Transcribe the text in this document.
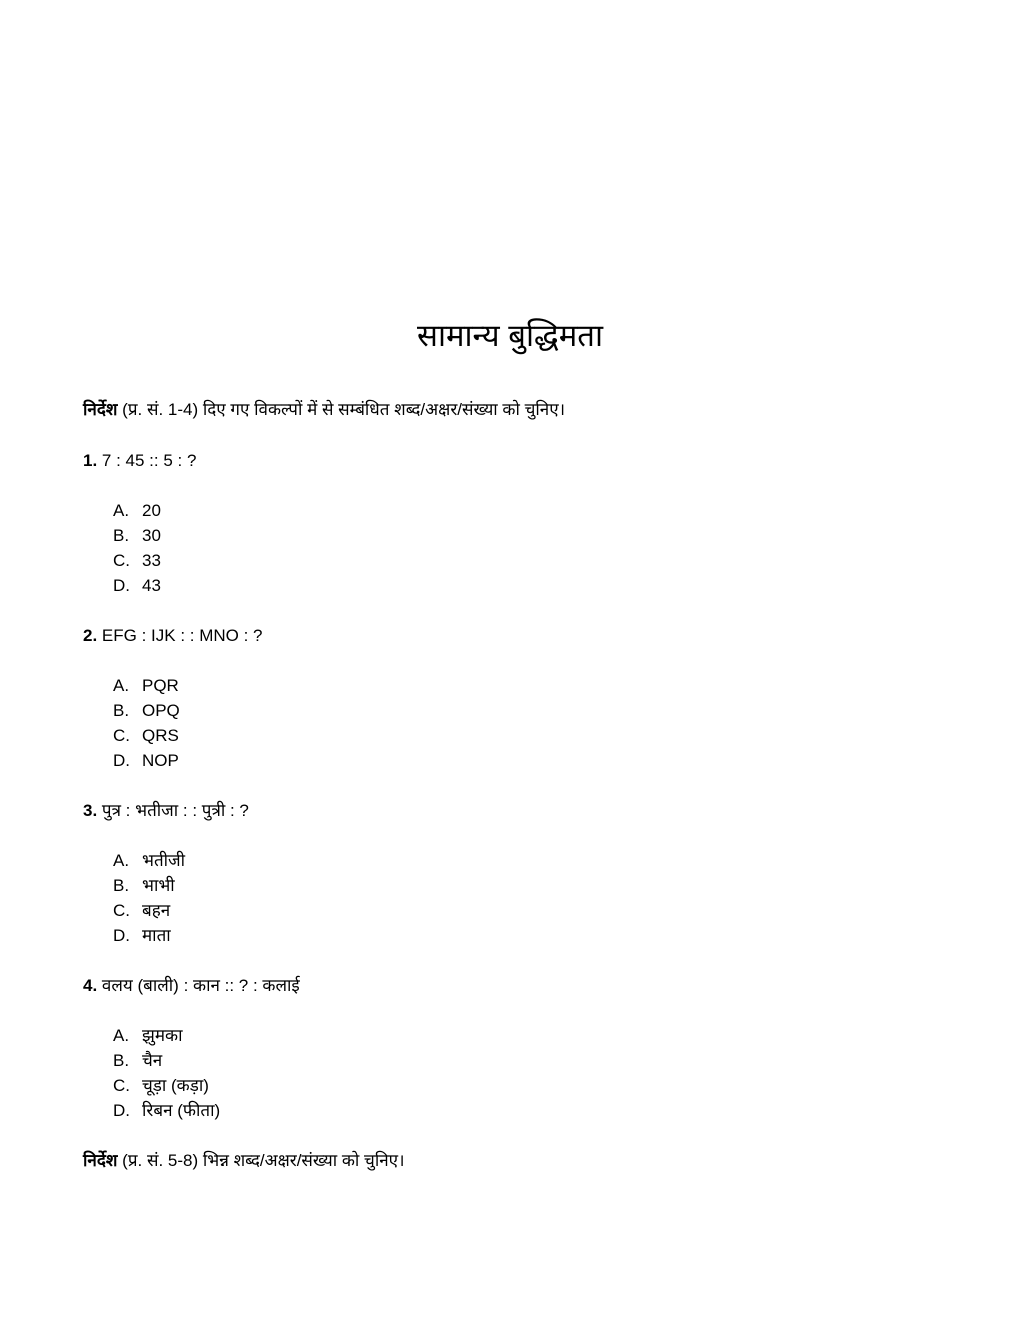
सामान्य बुद्धिमता
निर्देश (प्र. सं. 1-4) दिए गए विकल्पों में से सम्बंधित शब्द/अक्षर/संख्या को चुनिए।
1. 7 : 45 :: 5 : ?
A. 20
B. 30
C. 33
D. 43
2. EFG : IJK : : MNO : ?
A. PQR
B. OPQ
C. QRS
D. NOP
3. पुत्र : भतीजा : : पुत्री : ?
A. भतीजी
B. भाभी
C. बहन
D. माता
4. वलय (बाली) : कान :: ? : कलाई
A. झुमका
B. चैन
C. चूड़ा (कड़ा)
D. रिबन (फीता)
निर्देश (प्र. सं. 5-8) भिन्न शब्द/अक्षर/संख्या को चुनिए।
